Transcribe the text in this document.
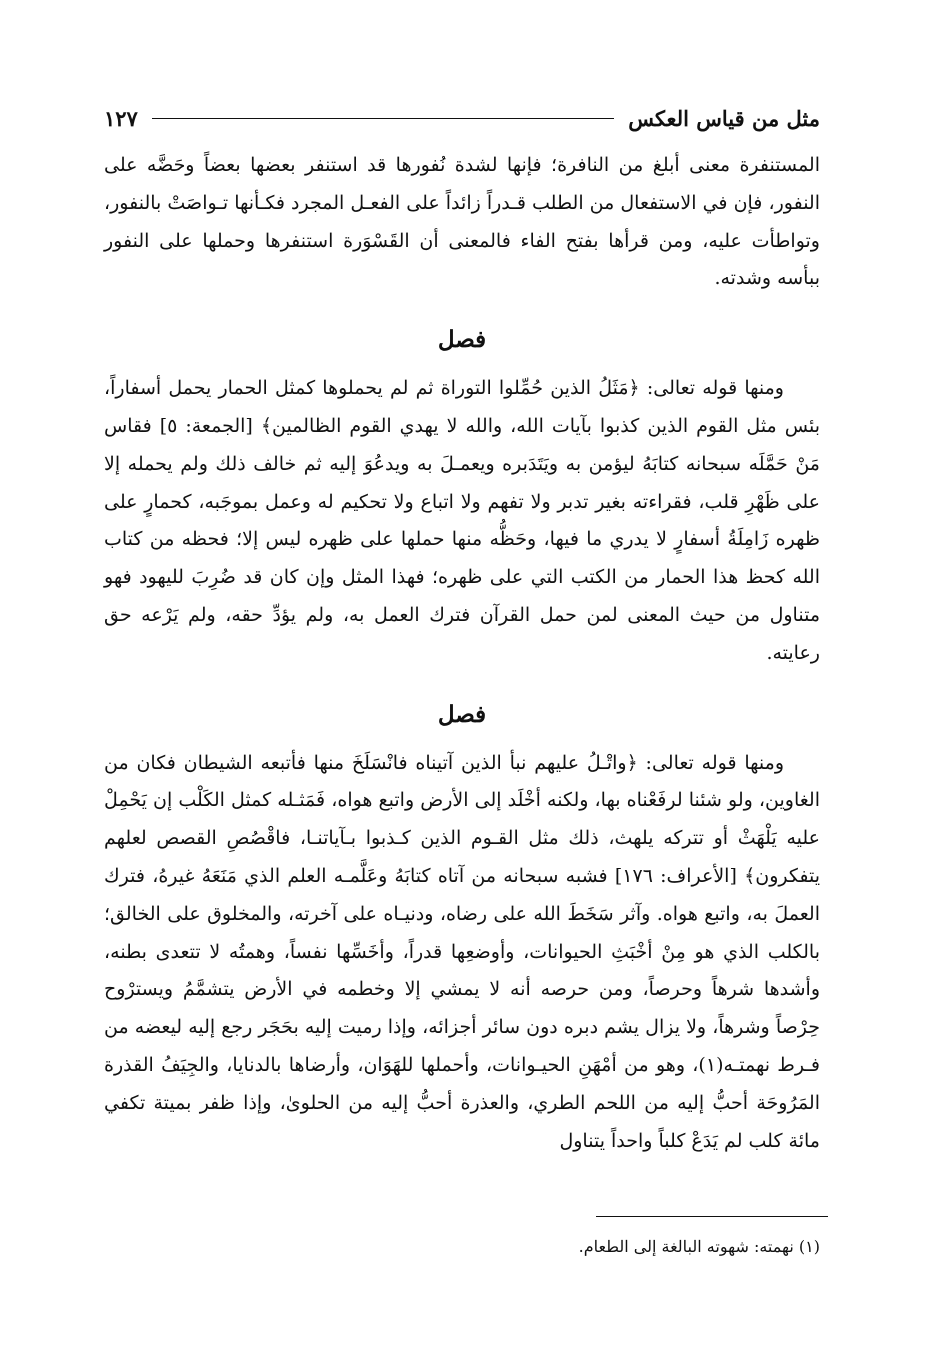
مثل من قياس العكس
١٢٧

المستنفرة معنى أبلغ من النافرة؛ فإنها لشدة نُفورها قد استنفر بعضها بعضاً وحَضَّه على النفور، فإن في الاستفعال من الطلب قـدراً زائداً على الفعـل المجرد فكـأنها تـواصَتْ بالنفور، وتواطأت عليه، ومن قرأها بفتح الفاء فالمعنى أن القَسْوَرة استنفرها وحملها على النفور ببأسه وشدته.

فصل

ومنها قوله تعالى: ﴿مَثَلُ الذين حُمِّلوا التوراة ثم لم يحملوها كمثل الحمار يحمل أسفاراً، بئس مثل القوم الذين كذبوا بآيات الله، والله لا يهدي القوم الظالمين﴾ [الجمعة: ٥] فقاس مَنْ حَمَّلَه سبحانه كتابَهُ ليؤمن به ويَتَدَبره ويعمـلَ به ويدعُوَ إليه ثم خالف ذلك ولم يحمله إلا على ظَهْرِ قلب، فقراءته بغير تدبر ولا تفهم ولا اتباع ولا تحكيم له وعمل بموجَبه، كحمارٍ على ظهره زَامِلَةُ أسفارٍ لا يدري ما فيها، وحَظُّه منها حملها على ظهره ليس إلا؛ فحظه من كتاب الله كحظ هذا الحمار من الكتب التي على ظهره؛ فهذا المثل وإن كان قد ضُرِبَ لليهود فهو متناول من حيث المعنى لمن حمل القرآن فترك العمل به، ولم يؤدِّ حقه، ولم يَرْعه حق رعايته.

فصل

ومنها قوله تعالى: ﴿واتْـلُ عليهم نبأ الذين آتيناه فانْسَلَخَ منها فأتبعه الشيطان فكان من الغاوين، ولو شئنا لرفَعْناه بها، ولكنه أخْلَد إلى الأرض واتبع هواه، فَمَثـله كمثل الكَلْب إن يَحْمِلْ عليه يَلْهَثْ أو تتركه يلهث، ذلك مثل القـوم الذين كـذبوا بـآياتنـا، فاقْصُصِ القصص لعلهم يتفكرون﴾ [الأعراف: ١٧٦] فشبه سبحانه من آتاه كتابَهُ وعَلَّمـه العلم الذي مَنَعَهُ غيرهُ، فترك العملَ به، واتبع هواه. وآثر سَخَطَ الله على رضاه، ودنيـاه على آخرته، والمخلوق على الخالق؛ بالكلب الذي هو مِنْ أخْبَثِ الحيوانات، وأوضعِها قدراً، وأخَسِّها نفساً، وهمتُه لا تتعدى بطنه، وأشدها شرهاً وحرصاً، ومن حرصه أنه لا يمشي إلا وخطمه في الأرض يتشمَّمُ ويسترْوح حِرْصاً وشرهاً، ولا يزال يشم دبره دون سائر أجزائه، وإذا رميت إليه بحَجَر رجع إليه ليعضه من فـرط نهمتـه(١)، وهو من أمْهَنِ الحيـوانات، وأحملها للهَوَان، وأرضاها بالدنايا، والجِيَفُ القذرة المَرُوحَة أحبُّ إليه من اللحم الطري، والعذرة أحبُّ إليه من الحلوىٰ، وإذا ظفر بميتة تكفي مائة كلب لم يَدَعْ كلباً واحداً يتناول

(١) نهمته: شهوته البالغة إلى الطعام.
